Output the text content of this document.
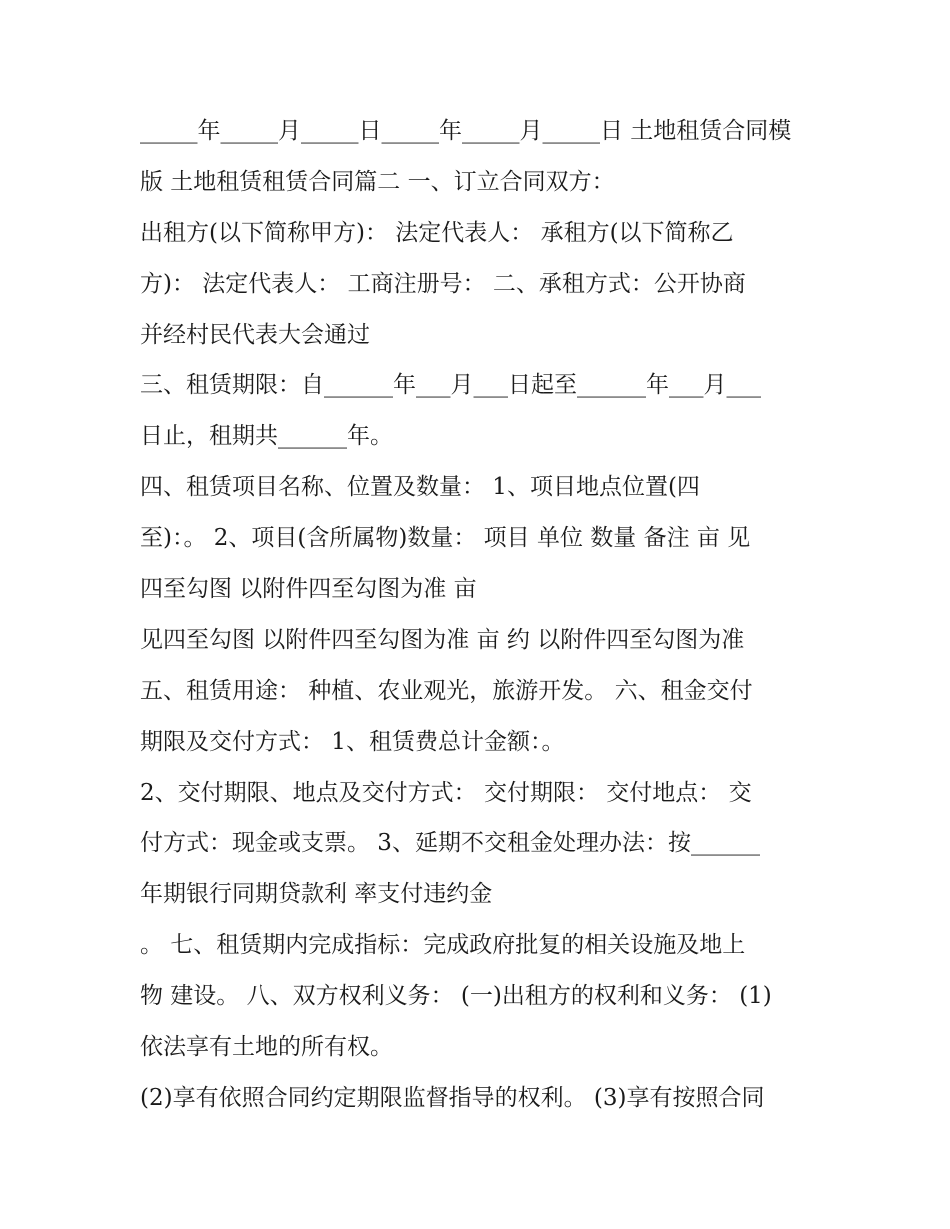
_____年_____月_____日_____年_____月_____日 土地租赁合同模
版 土地租赁租赁合同篇二 一、订立合同双方：
出租方(以下简称甲方)： 法定代表人： 承租方(以下简称乙
方)： 法定代表人： 工商注册号： 二、承租方式：公开协商
并经村民代表大会通过
三、租赁期限：自______年___月___日起至______年___月___
日止，租期共______年。
四、租赁项目名称、位置及数量： 1、项目地点位置(四
至)：。 2、项目(含所属物)数量： 项目 单位 数量 备注 亩 见
四至勾图 以附件四至勾图为准 亩
见四至勾图 以附件四至勾图为准 亩 约 以附件四至勾图为准
五、租赁用途： 种植、农业观光，旅游开发。 六、租金交付
期限及交付方式： 1、租赁费总计金额：。
2、交付期限、地点及交付方式： 交付期限： 交付地点： 交
付方式：现金或支票。 3、延期不交租金处理办法：按______
年期银行同期贷款利 率支付违约金
。 七、租赁期内完成指标：完成政府批复的相关设施及地上
物 建设。 八、双方权利义务： (一)出租方的权利和义务： (1)
依法享有土地的所有权。
(2)享有依照合同约定期限监督指导的权利。 (3)享有按照合同
